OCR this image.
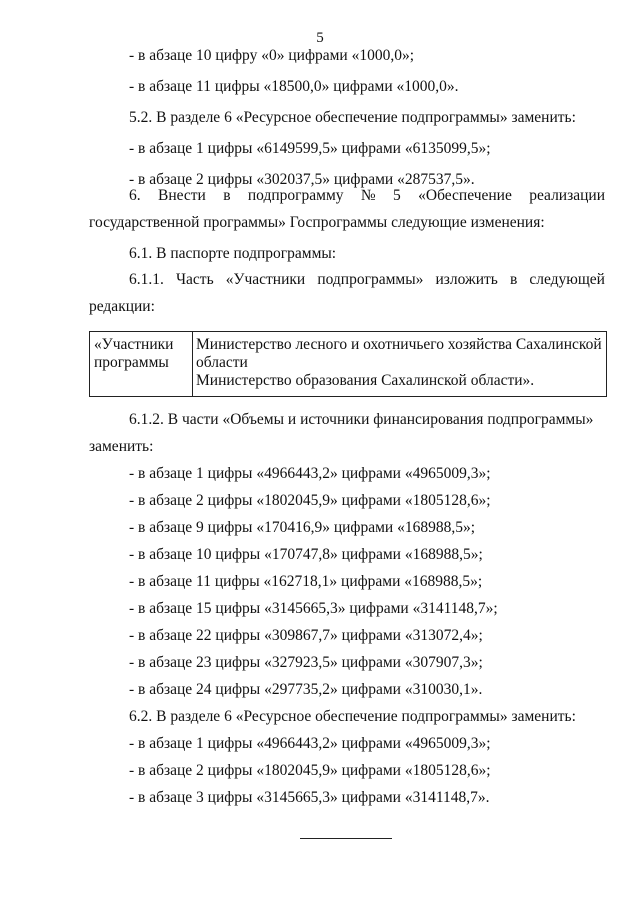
5
- в абзаце 10 цифру «0» цифрами «1000,0»;
- в абзаце 11 цифры «18500,0» цифрами «1000,0».
5.2. В разделе 6 «Ресурсное обеспечение подпрограммы» заменить:
- в абзаце 1 цифры «6149599,5» цифрами «6135099,5»;
- в абзаце 2 цифры «302037,5» цифрами «287537,5».
6. Внести в подпрограмму № 5 «Обеспечение реализации
государственной программы» Госпрограммы следующие изменения:
6.1. В паспорте подпрограммы:
6.1.1. Часть «Участники подпрограммы» изложить в следующей
редакции:
«Участники
программы
Министерство лесного и охотничьего хозяйства Сахалинской
области
Министерство образования Сахалинской области».
6.1.2. В части «Объемы и источники финансирования подпрограммы»
заменить:
- в абзаце 1 цифры «4966443,2» цифрами «4965009,3»;
- в абзаце 2 цифры «1802045,9» цифрами «1805128,6»;
- в абзаце 9 цифры «170416,9» цифрами «168988,5»;
- в абзаце 10 цифры «170747,8» цифрами «168988,5»;
- в абзаце 11 цифры «162718,1» цифрами «168988,5»;
- в абзаце 15 цифры «3145665,3» цифрами «3141148,7»;
- в абзаце 22 цифры «309867,7» цифрами «313072,4»;
- в абзаце 23 цифры «327923,5» цифрами «307907,3»;
- в абзаце 24 цифры «297735,2» цифрами «310030,1».
6.2. В разделе 6 «Ресурсное обеспечение подпрограммы» заменить:
- в абзаце 1 цифры «4966443,2» цифрами «4965009,3»;
- в абзаце 2 цифры «1802045,9» цифрами «1805128,6»;
- в абзаце 3 цифры «3145665,3» цифрами «3141148,7».
